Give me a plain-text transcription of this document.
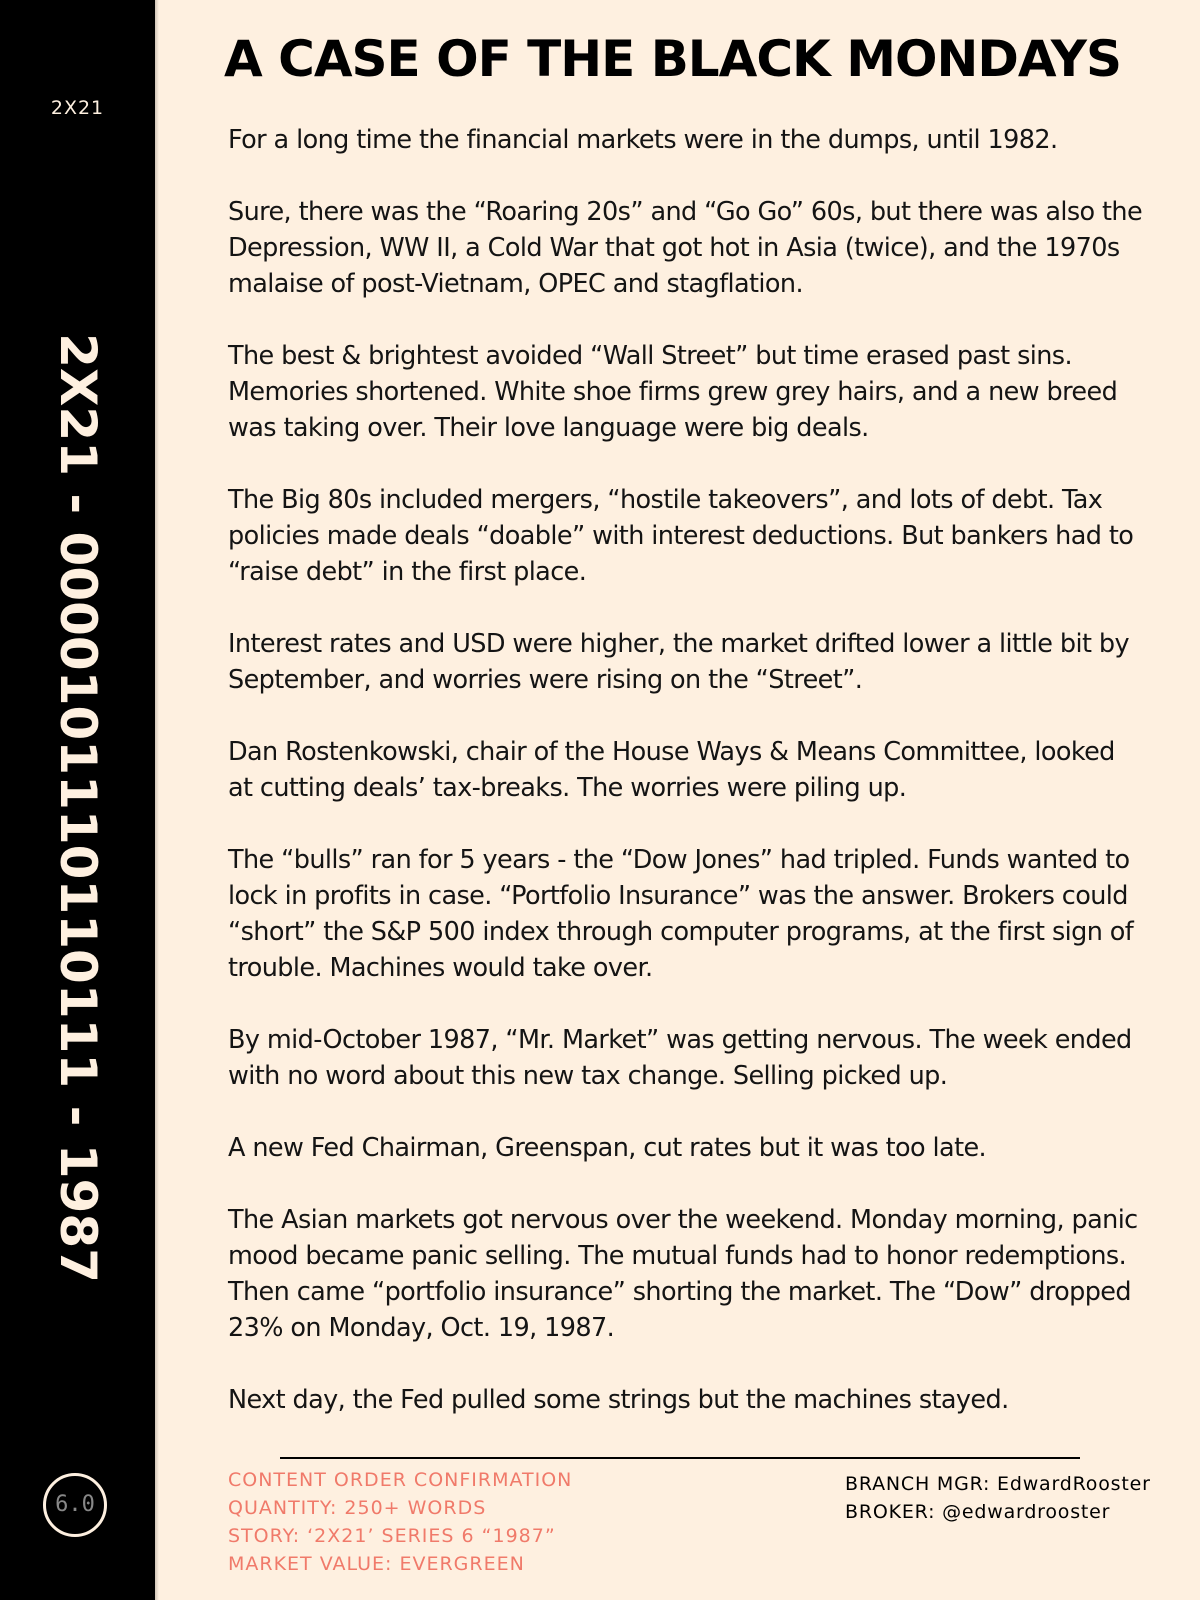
2X21
2X21 - 0000101110110111 - 1987
6.0
A CASE OF THE BLACK MONDAYS

For a long time the financial markets were in the dumps, until 1982.

Sure, there was the “Roaring 20s” and “Go Go” 60s, but there was also the Depression, WW II, a Cold War that got hot in Asia (twice), and the 1970s malaise of post-Vietnam, OPEC and stagflation.

The best & brightest avoided “Wall Street” but time erased past sins. Memories shortened. White shoe firms grew grey hairs, and a new breed was taking over. Their love language were big deals.

The Big 80s included mergers, “hostile takeovers”, and lots of debt. Tax policies made deals “doable” with interest deductions. But bankers had to “raise debt” in the first place.

Interest rates and USD were higher, the market drifted lower a little bit by September, and worries were rising on the “Street”.

Dan Rostenkowski, chair of the House Ways & Means Committee, looked at cutting deals’ tax-breaks. The worries were piling up.

The “bulls” ran for 5 years - the “Dow Jones” had tripled. Funds wanted to lock in profits in case. “Portfolio Insurance” was the answer. Brokers could “short” the S&P 500 index through computer programs, at the first sign of trouble. Machines would take over.

By mid-October 1987, “Mr. Market” was getting nervous. The week ended with no word about this new tax change. Selling picked up.

A new Fed Chairman, Greenspan, cut rates but it was too late.

The Asian markets got nervous over the weekend. Monday morning, panic mood became panic selling. The mutual funds had to honor redemptions. Then came “portfolio insurance” shorting the market. The “Dow” dropped 23% on Monday, Oct. 19, 1987.

Next day, the Fed pulled some strings but the machines stayed.

CONTENT ORDER CONFIRMATION
QUANTITY: 250+ WORDS
STORY: ‘2X21’ SERIES 6 “1987”
MARKET VALUE: EVERGREEN
BRANCH MGR: EdwardRooster
BROKER: @edwardrooster
